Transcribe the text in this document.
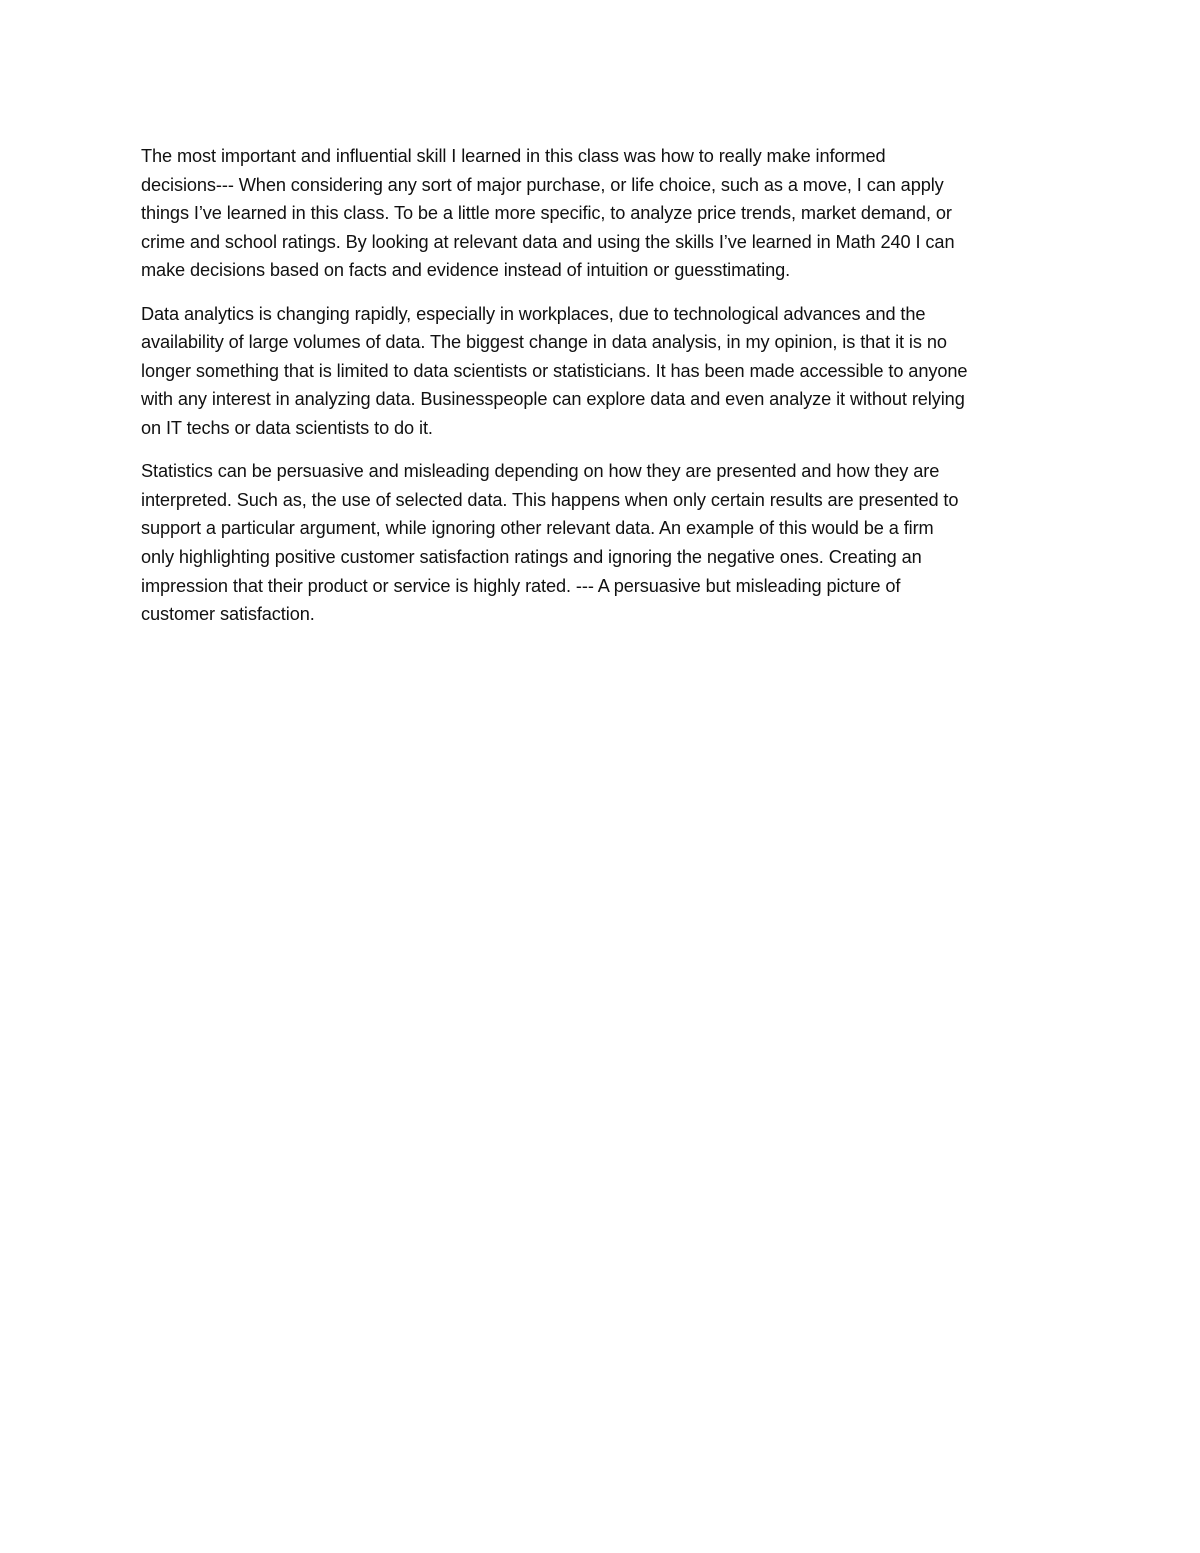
The most important and influential skill I learned in this class was how to really make informed
decisions--- When considering any sort of major purchase, or life choice, such as a move, I can apply
things I’ve learned in this class. To be a little more specific, to analyze price trends, market demand, or
crime and school ratings. By looking at relevant data and using the skills I’ve learned in Math 240 I can
make decisions based on facts and evidence instead of intuition or guesstimating.

Data analytics is changing rapidly, especially in workplaces, due to technological advances and the
availability of large volumes of data. The biggest change in data analysis, in my opinion, is that it is no
longer something that is limited to data scientists or statisticians. It has been made accessible to anyone
with any interest in analyzing data. Businesspeople can explore data and even analyze it without relying
on IT techs or data scientists to do it.

Statistics can be persuasive and misleading depending on how they are presented and how they are
interpreted. Such as, the use of selected data. This happens when only certain results are presented to
support a particular argument, while ignoring other relevant data. An example of this would be a firm
only highlighting positive customer satisfaction ratings and ignoring the negative ones. Creating an
impression that their product or service is highly rated. --- A persuasive but misleading picture of
customer satisfaction.
